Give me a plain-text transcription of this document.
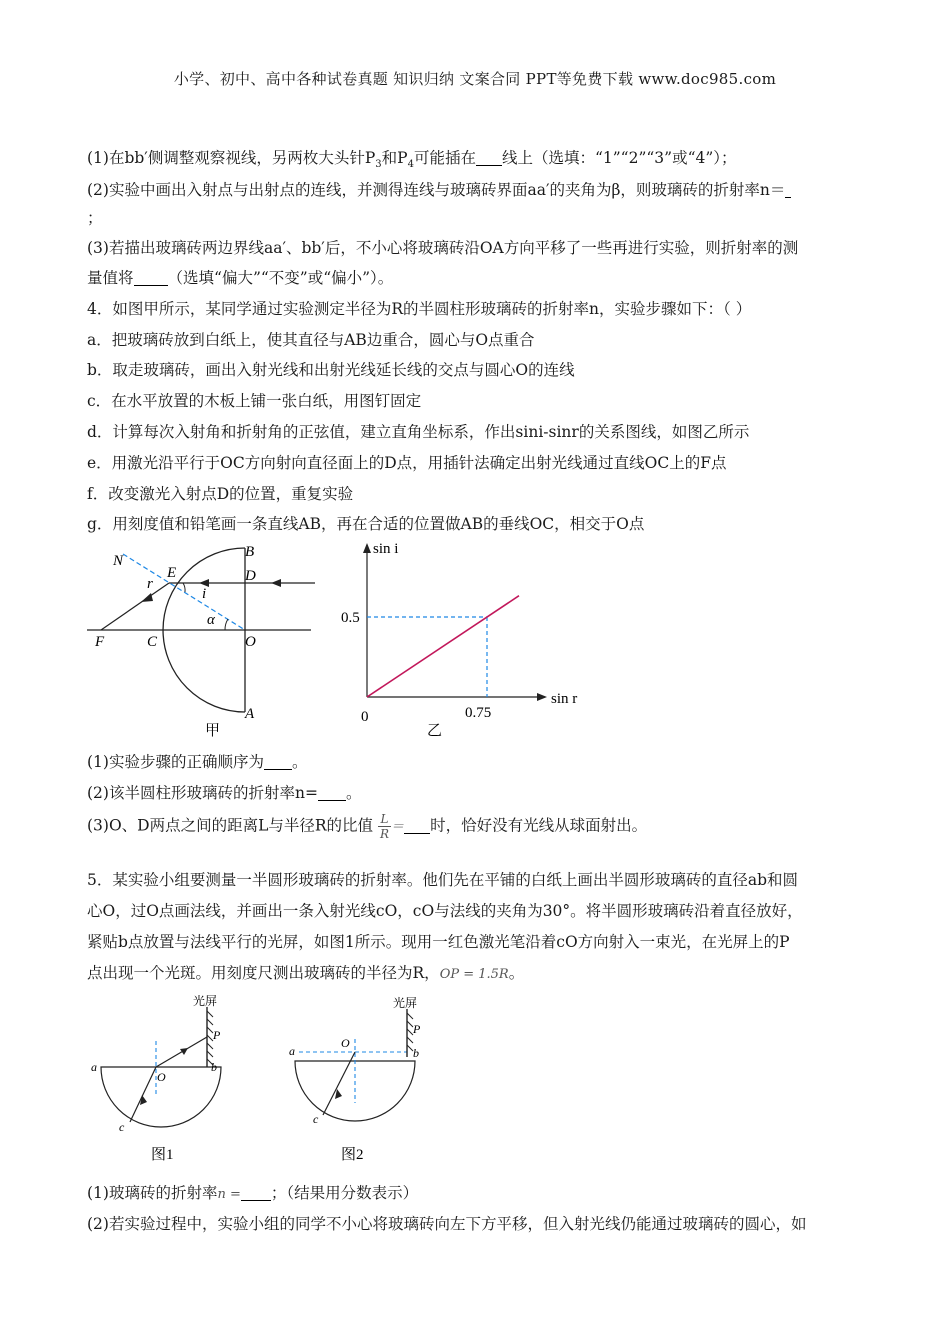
小学、初中、高中各种试卷真题 知识归纳 文案合同 PPT等免费下载 www.doc985.com
(1)在bb′侧调整观察视线，另两枚大头针$P_3$和$P_4$可能插在 线上（选填：“1”“2”“3”或“4”）；
(2)实验中画出入射点与出射点的连线，并测得连线与玻璃砖界面aa′的夹角为β，则玻璃砖的折射率n＝
；
(3)若描出玻璃砖两边界线aa′、bb′后，不小心将玻璃砖沿OA方向平移了一些再进行实验，则折射率的测
量值将 （选填“偏大”“不变”或“偏小”）。
4．如图甲所示，某同学通过实验测定半径为R的半圆柱形玻璃砖的折射率n，实验步骤如下：（ ）
a．把玻璃砖放到白纸上，使其直径与AB边重合，圆心与O点重合
b．取走玻璃砖，画出入射光线和出射光线延长线的交点与圆心O的连线
c．在水平放置的木板上铺一张白纸，用图钉固定
d．计算每次入射角和折射角的正弦值，建立直角坐标系，作出sini-sinr的关系图线，如图乙所示
e．用激光沿平行于OC方向射向直径面上的D点，用插针法确定出射光线通过直线OC上的F点
f．改变激光入射点D的位置，重复实验
g．用刻度值和铅笔画一条直线AB，再在合适的位置做AB的垂线OC，相交于O点
N
E
B
D
r
i
α
F	C	O
A
甲
sin i
sin r
0.5
0.75
0
乙
(1)实验步骤的正确顺序为 。
(2)该半圆柱形玻璃砖的折射率n= 。
(3)O、D两点之间的距离L与半径R的比值 $\frac{L}{R}$ ＝ 时，恰好没有光线从球面射出。
5．某实验小组要测量一半圆形玻璃砖的折射率。他们先在平铺的白纸上画出半圆形玻璃砖的直径ab和圆
心O，过O点画法线，并画出一条入射光线cO，cO与法线的夹角为30°。将半圆形玻璃砖沿着直径放好，
紧贴b点放置与法线平行的光屏，如图1所示。现用一红色激光笔沿着cO方向射入一束光，在光屏上的P
点出现一个光斑。用刻度尺测出玻璃砖的半径为R，OP = 1.5R。
光屏
a	b
O
P
c
图1
光屏
a	b
O
P
c
图2
(1)玻璃砖的折射率n = ；（结果用分数表示）
(2)若实验过程中，实验小组的同学不小心将玻璃砖向左下方平移，但入射光线仍能通过玻璃砖的圆心，如
